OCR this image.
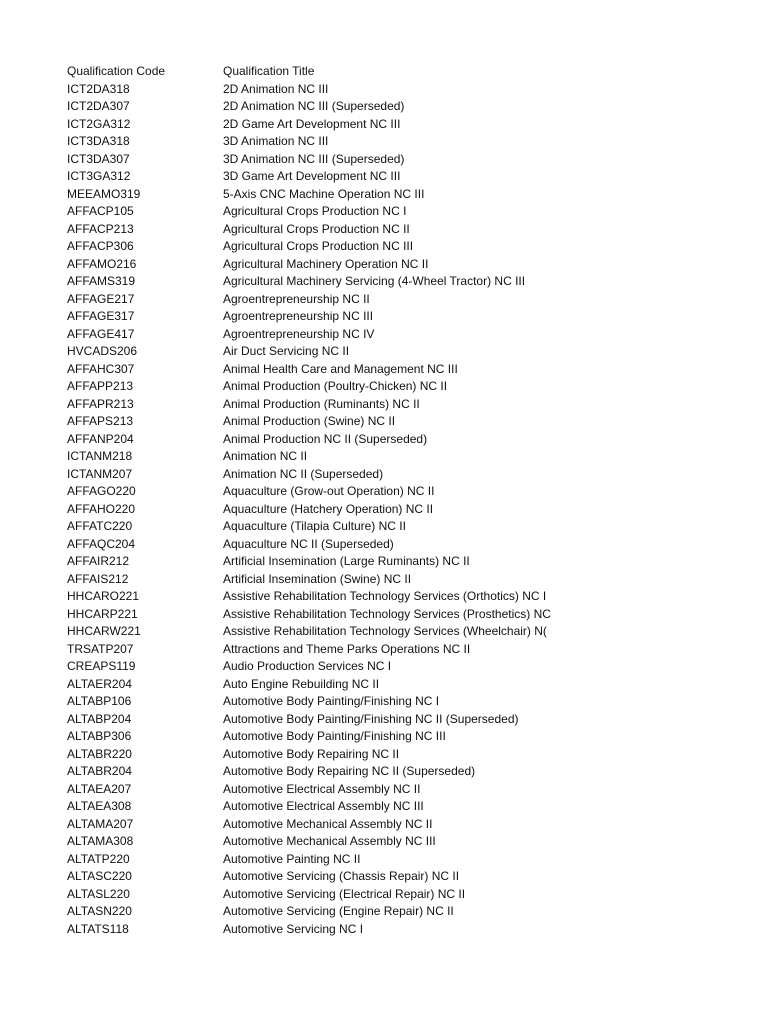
Qualification Code	Qualification Title
ICT2DA318	2D Animation NC III
ICT2DA307	2D Animation NC III (Superseded)
ICT2GA312	2D Game Art Development NC III
ICT3DA318	3D Animation NC III
ICT3DA307	3D Animation NC III (Superseded)
ICT3GA312	3D Game Art Development NC III
MEEAMO319	5-Axis CNC Machine Operation NC III
AFFACP105	Agricultural Crops Production NC I
AFFACP213	Agricultural Crops Production NC II
AFFACP306	Agricultural Crops Production NC III
AFFAMO216	Agricultural Machinery Operation NC II
AFFAMS319	Agricultural Machinery Servicing (4-Wheel Tractor) NC III
AFFAGE217	Agroentrepreneurship NC II
AFFAGE317	Agroentrepreneurship NC III
AFFAGE417	Agroentrepreneurship NC IV
HVCADS206	Air Duct Servicing NC II
AFFAHC307	Animal Health Care and Management NC III
AFFAPP213	Animal Production (Poultry-Chicken) NC II
AFFAPR213	Animal Production (Ruminants) NC II
AFFAPS213	Animal Production (Swine) NC II
AFFANP204	Animal Production NC II (Superseded)
ICTANM218	Animation NC II
ICTANM207	Animation NC II (Superseded)
AFFAGO220	Aquaculture (Grow-out Operation) NC II
AFFAHO220	Aquaculture (Hatchery Operation) NC II
AFFATC220	Aquaculture (Tilapia Culture) NC II
AFFAQC204	Aquaculture NC II (Superseded)
AFFAIR212	Artificial Insemination (Large Ruminants) NC II
AFFAIS212	Artificial Insemination (Swine) NC II
HHCARO221	Assistive Rehabilitation Technology Services (Orthotics) NC I
HHCARP221	Assistive Rehabilitation Technology Services (Prosthetics) NC
HHCARW221	Assistive Rehabilitation Technology Services (Wheelchair) N(
TRSATP207	Attractions and Theme Parks Operations NC II
CREAPS119	Audio Production Services NC I
ALTAER204	Auto Engine Rebuilding NC II
ALTABP106	Automotive Body Painting/Finishing NC I
ALTABP204	Automotive Body Painting/Finishing NC II (Superseded)
ALTABP306	Automotive Body Painting/Finishing NC III
ALTABR220	Automotive Body Repairing NC II
ALTABR204	Automotive Body Repairing NC II (Superseded)
ALTAEA207	Automotive Electrical Assembly NC II
ALTAEA308	Automotive Electrical Assembly NC III
ALTAMA207	Automotive Mechanical Assembly NC II
ALTAMA308	Automotive Mechanical Assembly NC III
ALTATP220	Automotive Painting NC II
ALTASC220	Automotive Servicing (Chassis Repair) NC II
ALTASL220	Automotive Servicing (Electrical Repair) NC II
ALTASN220	Automotive Servicing (Engine Repair) NC II
ALTATS118	Automotive Servicing NC I
